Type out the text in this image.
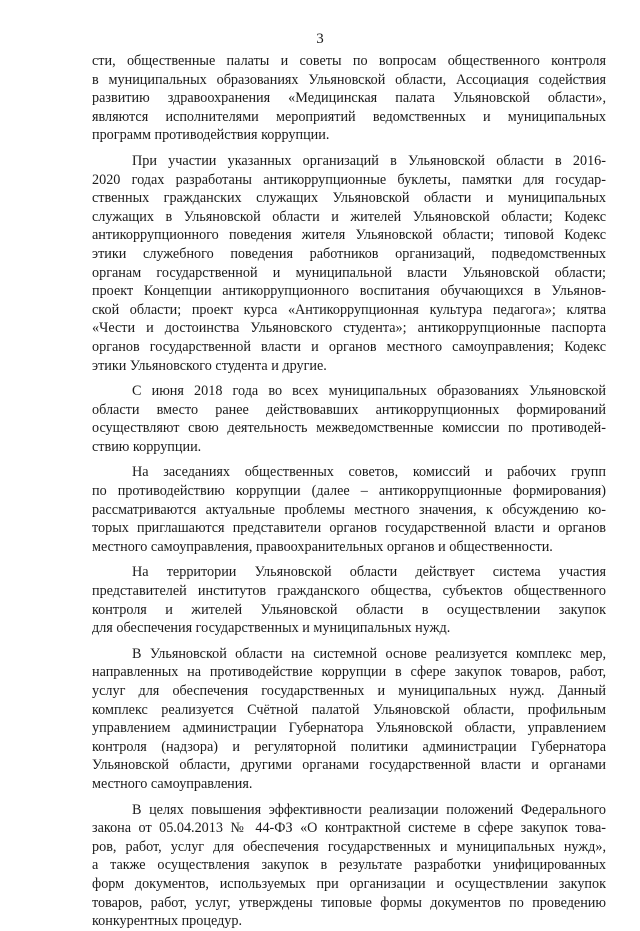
3
сти, общественные палаты и советы по вопросам общественного контроля
в муниципальных образованиях Ульяновской области, Ассоциация содействия
развитию здравоохранения «Медицинская палата Ульяновской области»,
являются исполнителями мероприятий ведомственных и муниципальных
программ противодействия коррупции.
При участии указанных организаций в Ульяновской области в 2016-
2020 годах разработаны антикоррупционные буклеты, памятки для государ-
ственных гражданских служащих Ульяновской области и муниципальных
служащих в Ульяновской области и жителей Ульяновской области; Кодекс
антикоррупционного поведения жителя Ульяновской области; типовой Кодекс
этики служебного поведения работников организаций, подведомственных
органам государственной и муниципальной власти Ульяновской области;
проект Концепции антикоррупционного воспитания обучающихся в Ульянов-
ской области; проект курса «Антикоррупционная культура педагога»; клятва
«Чести и достоинства Ульяновского студента»; антикоррупционные паспорта
органов государственной власти и органов местного самоуправления; Кодекс
этики Ульяновского студента и другие.
С июня 2018 года во всех муниципальных образованиях Ульяновской
области вместо ранее действовавших антикоррупционных формирований
осуществляют свою деятельность межведомственные комиссии по противодей-
ствию коррупции.
На заседаниях общественных советов, комиссий и рабочих групп
по противодействию коррупции (далее – антикоррупционные формирования)
рассматриваются актуальные проблемы местного значения, к обсуждению ко-
торых приглашаются представители органов государственной власти и органов
местного самоуправления, правоохранительных органов и общественности.
На территории Ульяновской области действует система участия
представителей институтов гражданского общества, субъектов общественного
контроля и жителей Ульяновской области в осуществлении закупок
для обеспечения государственных и муниципальных нужд.
В Ульяновской области на системной основе реализуется комплекс мер,
направленных на противодействие коррупции в сфере закупок товаров, работ,
услуг для обеспечения государственных и муниципальных нужд. Данный
комплекс реализуется Счётной палатой Ульяновской области, профильным
управлением администрации Губернатора Ульяновской области, управлением
контроля (надзора) и регуляторной политики администрации Губернатора
Ульяновской области, другими органами государственной власти и органами
местного самоуправления.
В целях повышения эффективности реализации положений Федерального
закона от 05.04.2013 № 44-ФЗ «О контрактной системе в сфере закупок това-
ров, работ, услуг для обеспечения государственных и муниципальных нужд»,
а также осуществления закупок в результате разработки унифицированных
форм документов, используемых при организации и осуществлении закупок
товаров, работ, услуг, утверждены типовые формы документов по проведению
конкурентных процедур.
